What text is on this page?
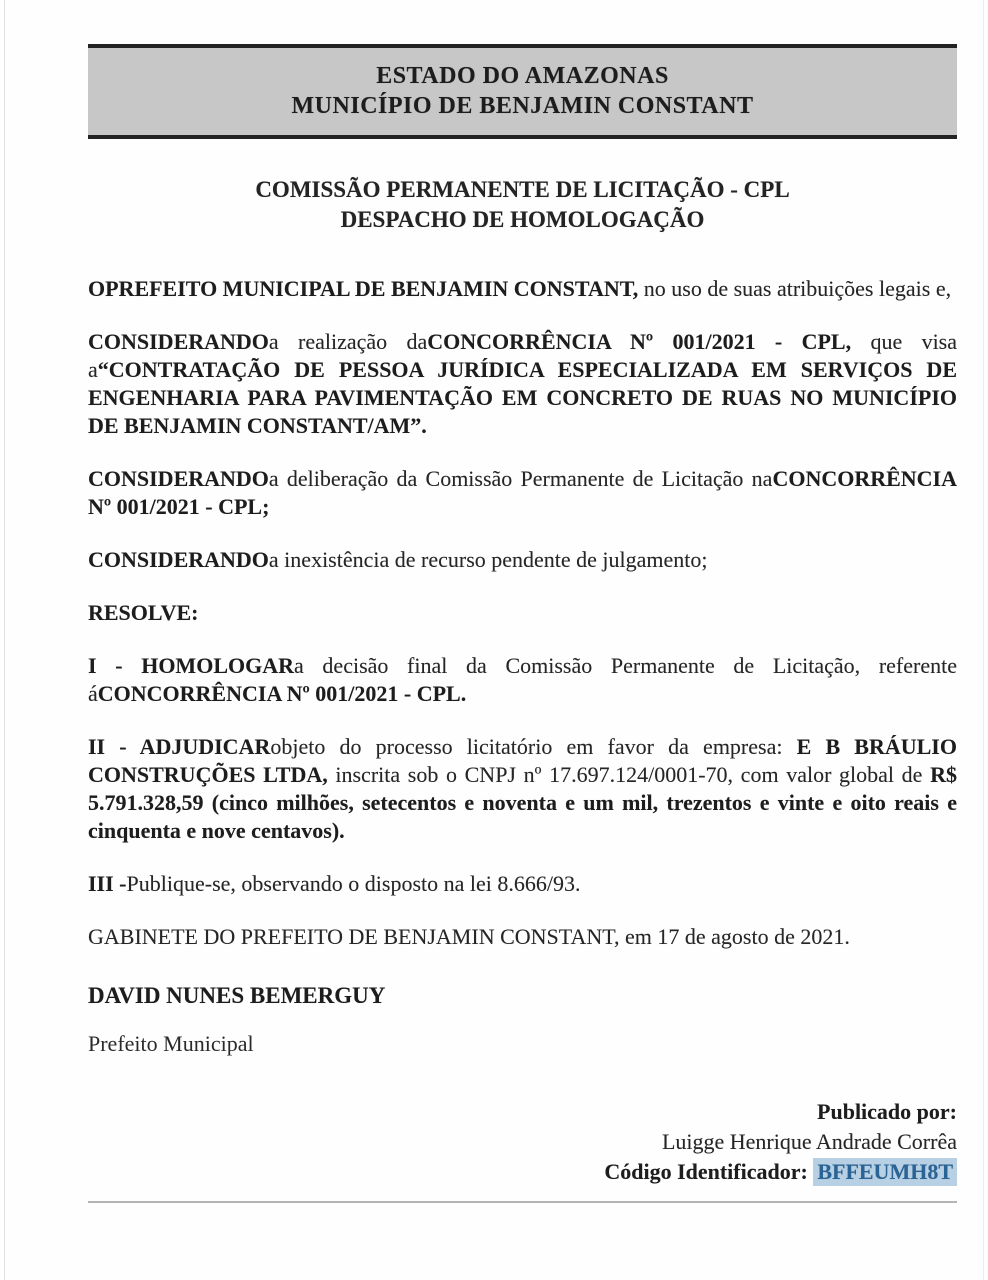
ESTADO DO AMAZONAS
MUNICÍPIO DE BENJAMIN CONSTANT
COMISSÃO PERMANENTE DE LICITAÇÃO - CPL
DESPACHO DE HOMOLOGAÇÃO

OPREFEITO MUNICIPAL DE BENJAMIN CONSTANT, no uso de suas atribuições legais e,

CONSIDERANDOa realização daCONCORRÊNCIA Nº 001/2021 - CPL, que visa a“CONTRATAÇÃO DE PESSOA JURÍDICA ESPECIALIZADA EM SERVIÇOS DE ENGENHARIA PARA PAVIMENTAÇÃO EM CONCRETO DE RUAS NO MUNICÍPIO DE BENJAMIN CONSTANT/AM”.

CONSIDERANDOa deliberação da Comissão Permanente de Licitação naCONCORRÊNCIA Nº 001/2021 - CPL;

CONSIDERANDOa inexistência de recurso pendente de julgamento;

RESOLVE:

I - HOMOLOGARa decisão final da Comissão Permanente de Licitação, referente áCONCORRÊNCIA Nº 001/2021 - CPL.

II - ADJUDICARobjeto do processo licitatório em favor da empresa: E B BRÁULIO CONSTRUÇÕES LTDA, inscrita sob o CNPJ nº 17.697.124/0001-70, com valor global de R$ 5.791.328,59 (cinco milhões, setecentos e noventa e um mil, trezentos e vinte e oito reais e cinquenta e nove centavos).

III -Publique-se, observando o disposto na lei 8.666/93.

GABINETE DO PREFEITO DE BENJAMIN CONSTANT, em 17 de agosto de 2021.

DAVID NUNES BEMERGUY
Prefeito Municipal
Publicado por:
Luigge Henrique Andrade Corrêa
Código Identificador: BFFEUMH8T
